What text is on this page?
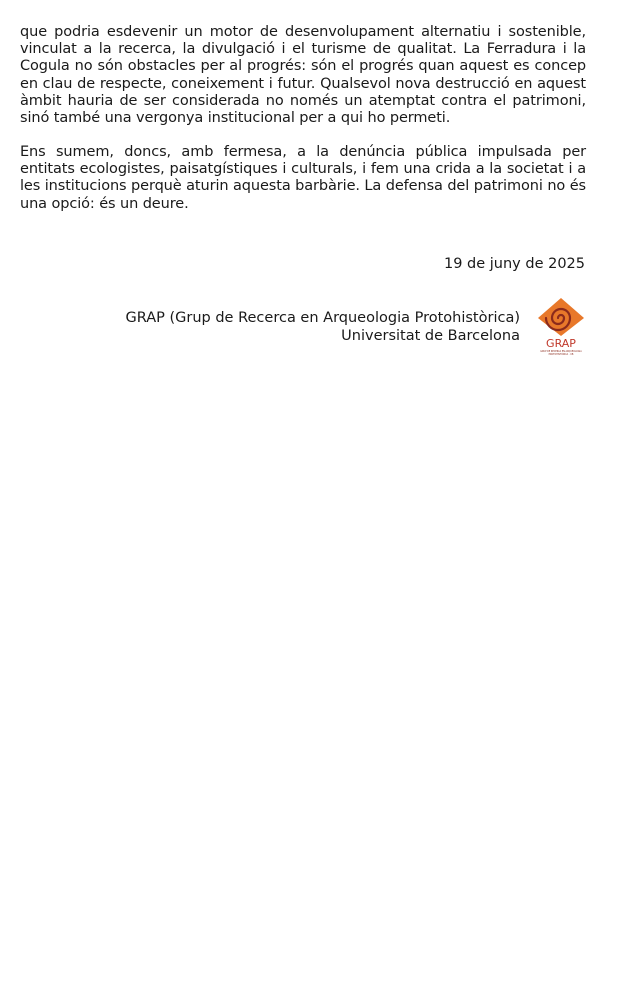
que podria esdevenir un motor de desenvolupament alternatiu i sostenible, vinculat a la recerca, la divulgació i el turisme de qualitat. La Ferradura i la Cogula no són obstacles per al progrés: són el progrés quan aquest es concep en clau de respecte, coneixement i futur. Qualsevol nova destrucció en aquest àmbit hauria de ser considerada no només un atemptat contra el patrimoni, sinó també una vergonya institucional per a qui ho permeti.

Ens sumem, doncs, amb fermesa, a la denúncia pública impulsada per entitats ecologistes, paisatgístiques i culturals, i fem una crida a la societat i a les institucions perquè aturin aquesta barbàrie. La defensa del patrimoni no és una opció: és un deure.

19 de juny de 2025
GRAP (Grup de Recerca en Arqueologia Protohistòrica)
Universitat de Barcelona GRAP
GRUP DE RECERCA EN ARQUEOLOGIA
PROTOHISTÒRICA · UB
